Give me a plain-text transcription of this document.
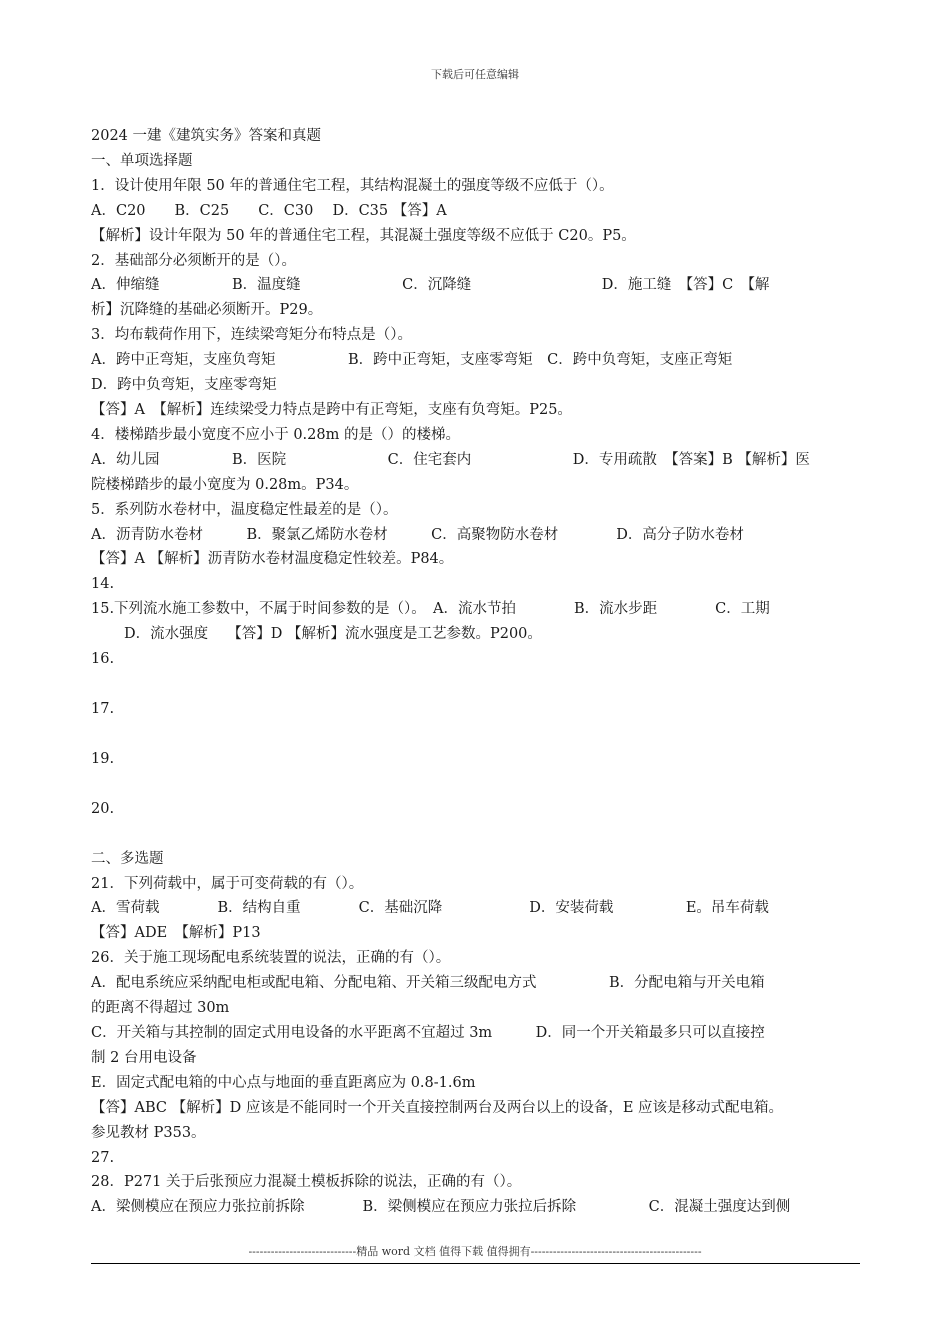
下载后可任意编辑
2024 一建《建筑实务》答案和真题
一、单项选择题
1．设计使用年限 50 年的普通住宅工程，其结构混凝土的强度等级不应低于（）。
A．C20　　B．C25　　C．C30　 D．C35 【答】A
【解析】设计年限为 50 年的普通住宅工程，其混凝土强度等级不应低于 C20。P5。
2．基础部分必须断开的是（）。
A．伸缩缝　　　　　B．温度缝　　　　　　　C．沉降缝　　　　　　　　　D．施工缝　【答】C　【解
析】沉降缝的基础必须断开。P29。
3．均布载荷作用下，连续梁弯矩分布特点是（）。
A．跨中正弯矩，支座负弯矩　　　　　B．跨中正弯矩，支座零弯矩　C．跨中负弯矩，支座正弯矩
D．跨中负弯矩，支座零弯矩
【答】A　【解析】连续梁受力特点是跨中有正弯矩，支座有负弯矩。P25。
4．楼梯踏步最小宽度不应小于 0.28m 的是（）的楼梯。
A．幼儿园　　　　　B．医院　　　　　　　C．住宅套内　　　　　　　D．专用疏散　【答案】B 【解析】医
院楼梯踏步的最小宽度为 0.28m。P34。
5．系列防水卷材中，温度稳定性最差的是（）。
A．沥青防水卷材　　　B．聚氯乙烯防水卷材　　　C．高聚物防水卷材　　　　D．高分子防水卷材
【答】A 【解析】沥青防水卷材温度稳定性较差。P84。
14.
15.下列流水施工参数中，不属于时间参数的是（）。　A．流水节拍　　　　B．流水步距　　　　C．工期
D．流水强度　 【答】D 【解析】流水强度是工艺参数。P200。
16.
17.
19.
20.
二、多选题
21．下列荷载中，属于可变荷载的有（）。
A．雪荷载　　　　B．结构自重　　　　C．基础沉降　　　　　　D．安装荷载　　　　　E。吊车荷载
【答】ADE　【解析】P13
26．关于施工现场配电系统装置的说法，正确的有（）。
A．配电系统应采纳配电柜或配电箱、分配电箱、开关箱三级配电方式　　　　　B．分配电箱与开关电箱
的距离不得超过 30m
C．开关箱与其控制的固定式用电设备的水平距离不宜超过 3m　　　D．同一个开关箱最多只可以直接控
制 2 台用电设备
E．固定式配电箱的中心点与地面的垂直距离应为 0.8-1.6m
【答】ABC 【解析】D 应该是不能同时一个开关直接控制两台及两台以上的设备，E 应该是移动式配电箱。
参见教材 P353。
27.
28．P271 关于后张预应力混凝土模板拆除的说法，正确的有（）。
A．梁侧模应在预应力张拉前拆除　　　　B．梁侧模应在预应力张拉后拆除　　　　　C．混凝土强度达到侧
-----------------------------精品 word 文档 值得下载 值得拥有----------------------------------------------
